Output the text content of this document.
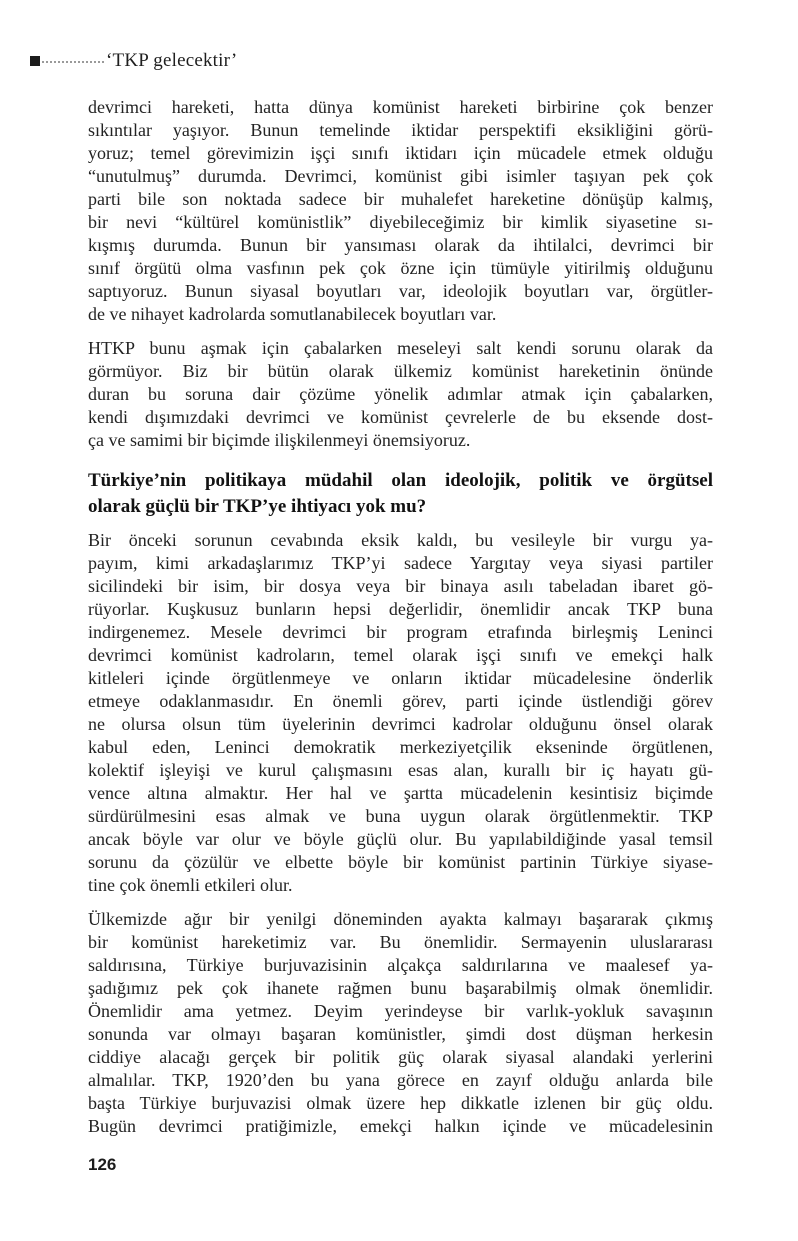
‘TKP gelecektir’
devrimci hareketi, hatta dünya komünist hareketi birbirine çok benzer
sıkıntılar yaşıyor. Bunun temelinde iktidar perspektifi eksikliğini görü-
yoruz; temel görevimizin işçi sınıfı iktidarı için mücadele etmek olduğu
“unutulmuş” durumda. Devrimci, komünist gibi isimler taşıyan pek çok
parti bile son noktada sadece bir muhalefet hareketine dönüşüp kalmış,
bir nevi “kültürel komünistlik” diyebileceğimiz bir kimlik siyasetine sı-
kışmış durumda. Bunun bir yansıması olarak da ihtilalci, devrimci bir
sınıf örgütü olma vasfının pek çok özne için tümüyle yitirilmiş olduğunu
saptıyoruz. Bunun siyasal boyutları var, ideolojik boyutları var, örgütler-
de ve nihayet kadrolarda somutlanabilecek boyutları var.
HTKP bunu aşmak için çabalarken meseleyi salt kendi sorunu olarak da
görmüyor. Biz bir bütün olarak ülkemiz komünist hareketinin önünde
duran bu soruna dair çözüme yönelik adımlar atmak için çabalarken,
kendi dışımızdaki devrimci ve komünist çevrelerle de bu eksende dost-
ça ve samimi bir biçimde ilişkilenmeyi önemsiyoruz.
Türkiye’nin politikaya müdahil olan ideolojik, politik ve örgütsel
olarak güçlü bir TKP’ye ihtiyacı yok mu?
Bir önceki sorunun cevabında eksik kaldı, bu vesileyle bir vurgu ya-
payım, kimi arkadaşlarımız TKP’yi sadece Yargıtay veya siyasi partiler
sicilindeki bir isim, bir dosya veya bir binaya asılı tabeladan ibaret gö-
rüyorlar. Kuşkusuz bunların hepsi değerlidir, önemlidir ancak TKP buna
indirgenemez. Mesele devrimci bir program etrafında birleşmiş Leninci
devrimci komünist kadroların, temel olarak işçi sınıfı ve emekçi halk
kitleleri içinde örgütlenmeye ve onların iktidar mücadelesine önderlik
etmeye odaklanmasıdır. En önemli görev, parti içinde üstlendiği görev
ne olursa olsun tüm üyelerinin devrimci kadrolar olduğunu önsel olarak
kabul eden, Leninci demokratik merkeziyetçilik ekseninde örgütlenen,
kolektif işleyişi ve kurul çalışmasını esas alan, kurallı bir iç hayatı gü-
vence altına almaktır. Her hal ve şartta mücadelenin kesintisiz biçimde
sürdürülmesini esas almak ve buna uygun olarak örgütlenmektir. TKP
ancak böyle var olur ve böyle güçlü olur. Bu yapılabildiğinde yasal temsil
sorunu da çözülür ve elbette böyle bir komünist partinin Türkiye siyase-
tine çok önemli etkileri olur.
Ülkemizde ağır bir yenilgi döneminden ayakta kalmayı başararak çıkmış
bir komünist hareketimiz var. Bu önemlidir. Sermayenin uluslararası
saldırısına, Türkiye burjuvazisinin alçakça saldırılarına ve maalesef ya-
şadığımız pek çok ihanete rağmen bunu başarabilmiş olmak önemlidir.
Önemlidir ama yetmez. Deyim yerindeyse bir varlık-yokluk savaşının
sonunda var olmayı başaran komünistler, şimdi dost düşman herkesin
ciddiye alacağı gerçek bir politik güç olarak siyasal alandaki yerlerini
almalılar. TKP, 1920’den bu yana görece en zayıf olduğu anlarda bile
başta Türkiye burjuvazisi olmak üzere hep dikkatle izlenen bir güç oldu.
Bugün devrimci pratiğimizle, emekçi halkın içinde ve mücadelesinin
126
